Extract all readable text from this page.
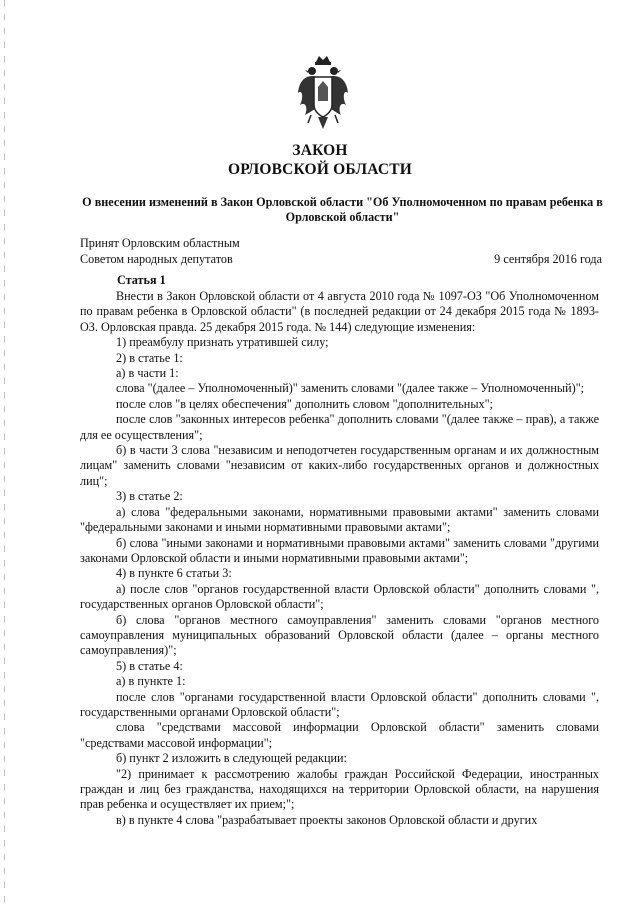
ЗАКОН
ОРЛОВСКОЙ ОБЛАСТИ
О внесении изменений в Закон Орловской области "Об Уполномоченном по правам ребенка в Орловской области"
Принят Орловским областным
Советом народных депутатов	9 сентября 2016 года
Статья 1

Внести в Закон Орловской области от 4 августа 2010 года № 1097-ОЗ "Об Уполномоченном по правам ребенка в Орловской области" (в последней редакции от 24 декабря 2015 года № 1893-ОЗ. Орловская правда. 25 декабря 2015 года. № 144) следующие изменения:

1) преамбулу признать утратившей силу;

2) в статье 1:

а) в части 1:

слова "(далее – Уполномоченный)" заменить словами "(далее также – Уполномоченный)";

после слов "в целях обеспечения" дополнить словом "дополнительных";

после слов "законных интересов ребенка" дополнить словами "(далее также – прав), а также для ее осуществления";

б) в части 3 слова "независим и неподотчетен государственным органам и их должностным лицам" заменить словами "независим от каких-либо государственных органов и должностных лиц";

3) в статье 2:

а) слова "федеральными законами, нормативными правовыми актами" заменить словами "федеральными законами и иными нормативными правовыми актами";

б) слова "иными законами и нормативными правовыми актами" заменить словами "другими законами Орловской области и иными нормативными правовыми актами";

4) в пункте 6 статьи 3:

а) после слов "органов государственной власти Орловской области" дополнить словами ", государственных органов Орловской области";

б) слова "органов местного самоуправления" заменить словами "органов местного самоуправления муниципальных образований Орловской области (далее – органы местного самоуправления)";

5) в статье 4:

а) в пункте 1:

после слов "органами государственной власти Орловской области" дополнить словами ", государственными органами Орловской области";

слова "средствами массовой информации Орловской области" заменить словами "средствами массовой информации";

б) пункт 2 изложить в следующей редакции:

"2) принимает к рассмотрению жалобы граждан Российской Федерации, иностранных граждан и лиц без гражданства, находящихся на территории Орловской области, на нарушения прав ребенка и осуществляет их прием;";

в) в пункте 4 слова "разрабатывает проекты законов Орловской области и других
